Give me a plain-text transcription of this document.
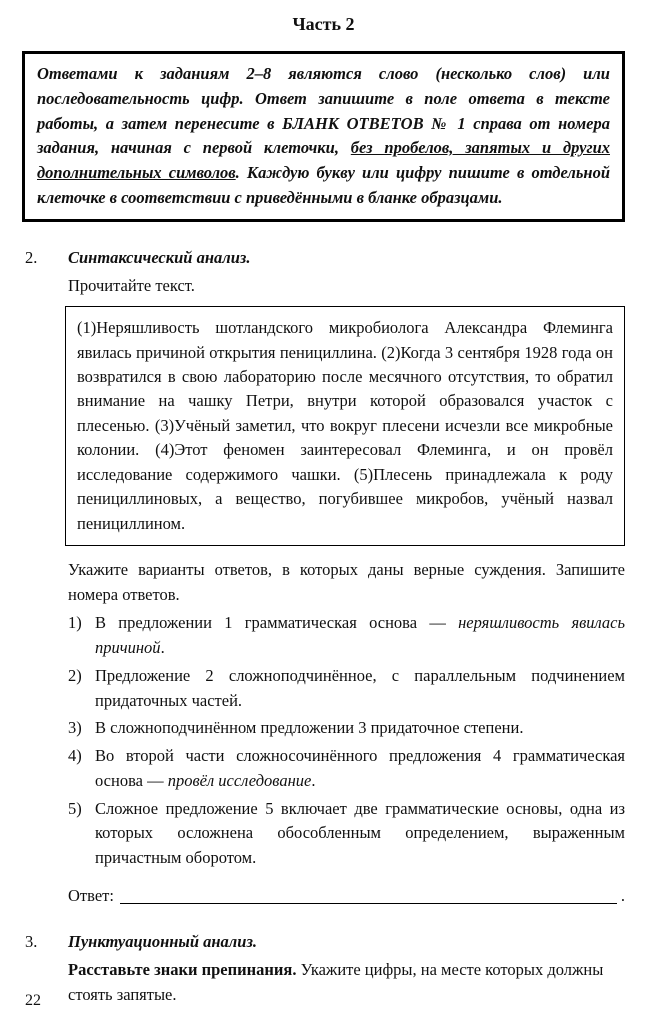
Часть 2
Ответами к заданиям 2–8 являются слово (несколько слов) или последовательность цифр. Ответ запишите в поле ответа в тексте работы, а затем перенесите в БЛАНК ОТВЕТОВ № 1 справа от номера задания, начиная с первой клеточки, без пробелов, запятых и других дополнительных символов. Каждую букву или цифру пишите в отдельной клеточке в соответствии с приведёнными в бланке образцами.
2.	Синтаксический анализ.
Прочитайте текст.
(1)Неряшливость шотландского микробиолога Александра Флеминга явилась причиной открытия пенициллина. (2)Когда 3 сентября 1928 года он возвратился в свою лабораторию после месячного отсутствия, то обратил внимание на чашку Петри, внутри которой образовался участок с плесенью. (3)Учёный заметил, что вокруг плесени исчезли все микробные колонии. (4)Этот феномен заинтересовал Флеминга, и он провёл исследование содержимого чашки. (5)Плесень принадлежала к роду пенициллиновых, а вещество, погубившее микробов, учёный назвал пенициллином.
Укажите варианты ответов, в которых даны верные суждения. Запишите номера ответов.
1) В предложении 1 грамматическая основа — неряшливость явилась причиной.
2) Предложение 2 сложноподчинённое, с параллельным подчинением придаточных частей.
3) В сложноподчинённом предложении 3 придаточное степени.
4) Во второй части сложносочинённого предложения 4 грамматическая основа — провёл исследование.
5) Сложное предложение 5 включает две грамматические основы, одна из которых осложнена обособленным определением, выраженным причастным оборотом.
Ответ:	.
3.	Пунктуационный анализ.
Расставьте знаки препинания. Укажите цифры, на месте которых должны стоять запятые.
22
